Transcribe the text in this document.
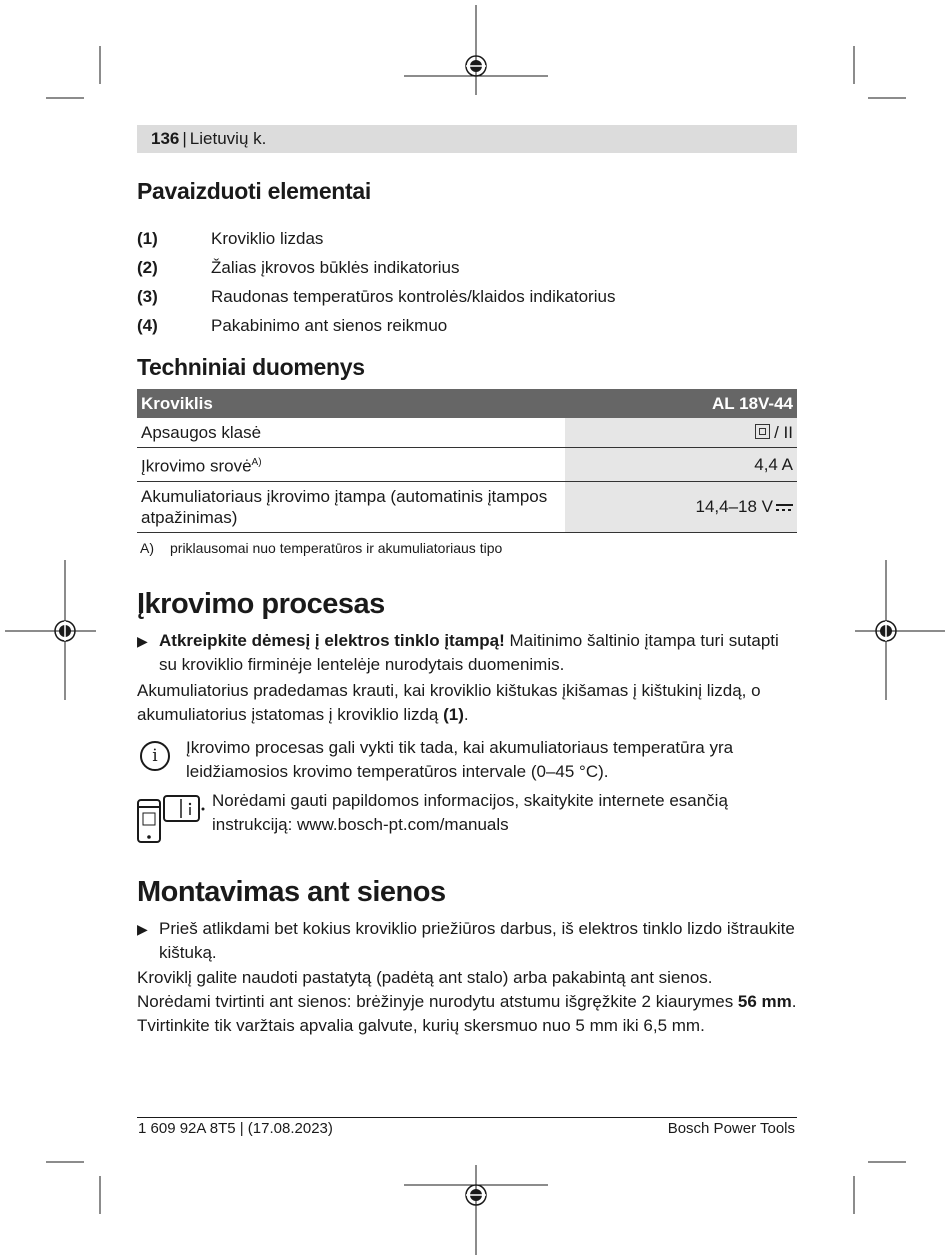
136 | Lietuvių k.
Pavaizduoti elementai
(1)	Kroviklio lizdas
(2)	Žalias įkrovos būklės indikatorius
(3)	Raudonas temperatūros kontrolės/klaidos indikatorius
(4)	Pakabinimo ant sienos reikmuo
Techniniai duomenys
Kroviklis	AL 18V-44
Apsaugos klasė	/ II
Įkrovimo srovė$^{A)}$	4,4 A
Akumuliatoriaus įkrovimo įtampa (automatinis įtampos atpažinimas)	14,4–18 V
A)	priklausomai nuo temperatūros ir akumuliatoriaus tipo
Įkrovimo procesas
▶ Atkreipkite dėmesį į elektros tinklo įtampą! Maitinimo šaltinio įtampa turi sutapti su kroviklio firminėje lentelėje nurodytais duomenimis.
Akumuliatorius pradedamas krauti, kai kroviklio kištukas įkišamas į kištukinį lizdą, o akumuliatorius įstatomas į kroviklio lizdą (1).
i	Įkrovimo procesas gali vykti tik tada, kai akumuliatoriaus temperatūra yra leidžiamosios krovimo temperatūros intervale (0–45 °C).
Norėdami gauti papildomos informacijos, skaitykite internete esančią instrukciją: www.bosch-pt.com/manuals
Montavimas ant sienos
▶ Prieš atlikdami bet kokius kroviklio priežiūros darbus, iš elektros tinklo lizdo ištraukite kištuką.
Kroviklį galite naudoti pastatytą (padėtą ant stalo) arba pakabintą ant sienos.
Norėdami tvirtinti ant sienos: brėžinyje nurodytu atstumu išgręžkite 2 kiaurymes 56 mm.
Tvirtinkite tik varžtais apvalia galvute, kurių skersmuo nuo 5 mm iki 6,5 mm.
1 609 92A 8T5 | (17.08.2023)	Bosch Power Tools
